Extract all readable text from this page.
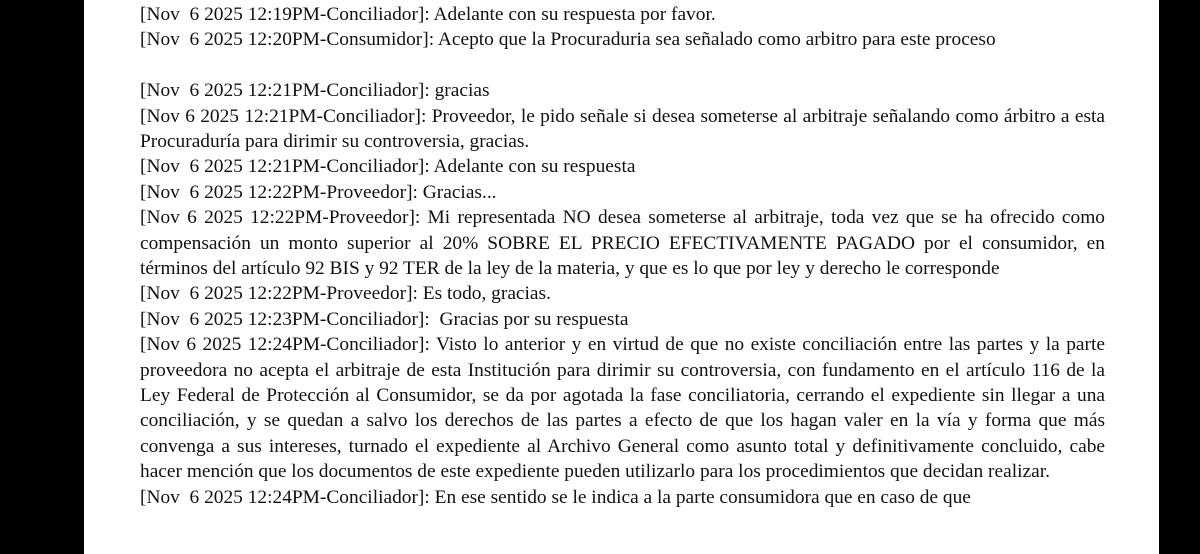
[Nov  6 2025 12:19PM-Conciliador]: Adelante con su respuesta por favor.
[Nov  6 2025 12:20PM-Consumidor]: Acepto que la Procuraduria sea señalado como arbitro para este proceso
[Nov  6 2025 12:21PM-Conciliador]: gracias
[Nov 6 2025 12:21PM-Conciliador]: Proveedor, le pido señale si desea someterse al arbitraje señalando como árbitro a esta Procuraduría para dirimir su controversia, gracias.
[Nov  6 2025 12:21PM-Conciliador]: Adelante con su respuesta
[Nov  6 2025 12:22PM-Proveedor]: Gracias...
[Nov 6 2025 12:22PM-Proveedor]: Mi representada NO desea someterse al arbitraje, toda vez que se ha ofrecido como compensación un monto superior al 20% SOBRE EL PRECIO EFECTIVAMENTE PAGADO por el consumidor, en términos del artículo 92 BIS y 92 TER de la ley de la materia, y que es lo que por ley y derecho le corresponde
[Nov  6 2025 12:22PM-Proveedor]: Es todo, gracias.
[Nov  6 2025 12:23PM-Conciliador]:  Gracias por su respuesta
[Nov 6 2025 12:24PM-Conciliador]: Visto lo anterior y en virtud de que no existe conciliación entre las partes y la parte proveedora no acepta el arbitraje de esta Institución para dirimir su controversia, con fundamento en el artículo 116 de la Ley Federal de Protección al Consumidor, se da por agotada la fase conciliatoria, cerrando el expediente sin llegar a una conciliación, y se quedan a salvo los derechos de las partes a efecto de que los hagan valer en la vía y forma que más convenga a sus intereses, turnado el expediente al Archivo General como asunto total y definitivamente concluido, cabe hacer mención que los documentos de este expediente pueden utilizarlo para los procedimientos que decidan realizar.
[Nov  6 2025 12:24PM-Conciliador]: En ese sentido se le indica a la parte consumidora que en caso de que
